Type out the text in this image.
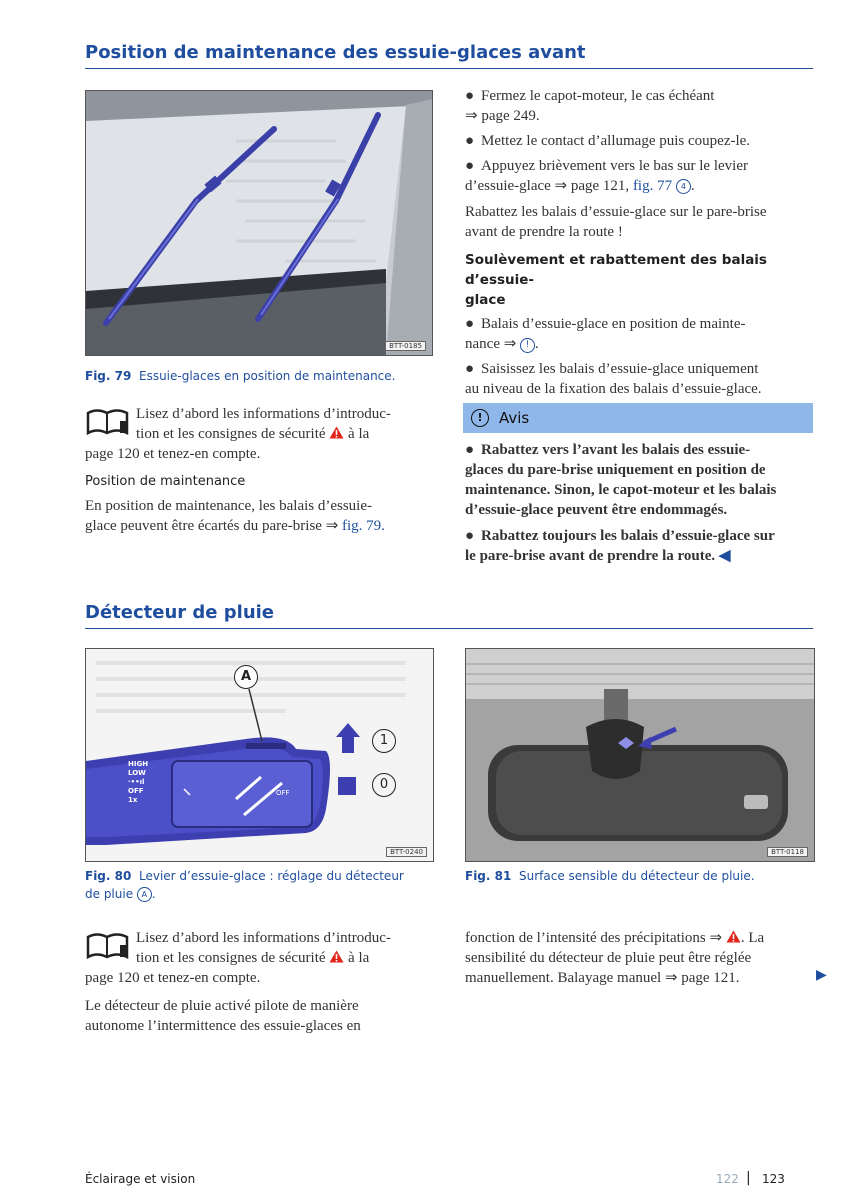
Position de maintenance des essuie-glaces avant
BTT-0185
Fig. 79 Essuie-glaces en position de maintenance.
Lisez d’abord les informations d’introduc-
tion et les consignes de sécurité à la
page 120 et tenez-en compte.
Position de maintenance
En position de maintenance, les balais d’essuie-
glace peuvent être écartés du pare-brise ⇒ fig. 79.
● Fermez le capot-moteur, le cas échéant
⇒ page 249.
● Mettez le contact d’allumage puis coupez-le.
● Appuyez brièvement vers le bas sur le levier
d’essuie-glace ⇒ page 121, fig. 77 4 .
Rabattez les balais d’essuie-glace sur le pare-brise
avant de prendre la route !
Soulèvement et rabattement des balais d’essuie-
glace
● Balais d’essuie-glace en position de mainte-
nance ⇒ ! .
● Saisissez les balais d’essuie-glace uniquement
au niveau de la fixation des balais d’essuie-glace.
!	Avis
● Rabattez vers l’avant les balais des essuie-
glaces du pare-brise uniquement en position de
maintenance. Sinon, le capot-moteur et les balais
d’essuie-glace peuvent être endommagés.
● Rabattez toujours les balais d’essuie-glace sur
le pare-brise avant de prendre la route. ◀
Détecteur de pluie
HIGH
LOW
·••ıl
OFF
1x
OFF
A
1
0
BTT-0240
Fig. 80 Levier d’essuie-glace : réglage du détecteur
de pluie A .
BTT-0118
Fig. 81 Surface sensible du détecteur de pluie.
Lisez d’abord les informations d’introduc-
tion et les consignes de sécurité à la
page 120 et tenez-en compte.
Le détecteur de pluie activé pilote de manière
autonome l’intermittence des essuie-glaces en
fonction de l’intensité des précipitations ⇒ . La
sensibilité du détecteur de pluie peut être réglée
manuellement. Balayage manuel ⇒ page 121.	▶
Éclairage et vision	122 | 123
